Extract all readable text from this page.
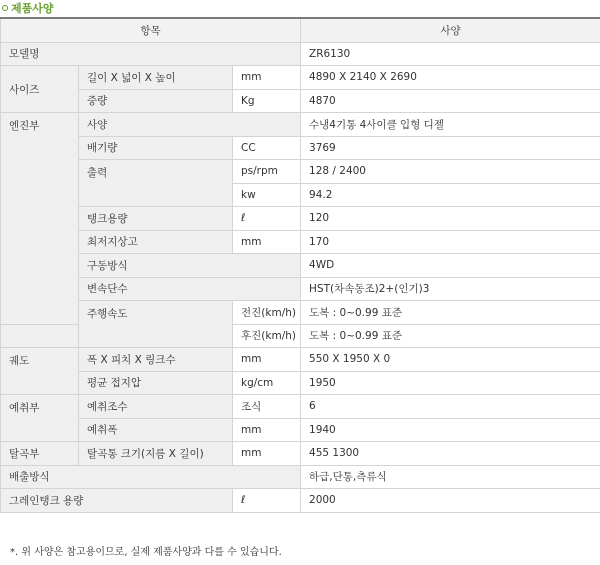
제품사양
항목			사양
모델명			ZR6130
사이즈	길이 X 넓이 X 높이	mm	4890 X 2140 X 2690
	중량	Kg	4870
엔진부	사양		수냉4기통 4사이클 입형 디젤
	배기량	CC	3769
	출력	ps/rpm	128 / 2400
		kw	94.2
	탱크용량	ℓ	120
	최저지상고	mm	170
	구동방식		4WD
	변속단수		HST(차속동조)2+(인기)3
	주행속도	전진(km/h)	도복 : 0~0.99 표준
		후진(km/h)	도복 : 0~0.99 표준
궤도	폭 X 피치 X 링크수	mm	550 X 1950 X 0
	평균 접지압	kg/cm	1950
예취부	예취조수	조식	6
	예취폭	mm	1940
탈곡부	탈곡통 크기(지름 X 길이)	mm	455 1300
배출방식			하급,단통,측류식
그레인탱크 용량		ℓ	2000
*. 위 사양은 참고용이므로, 실제 제품사양과 다를 수 있습니다.
